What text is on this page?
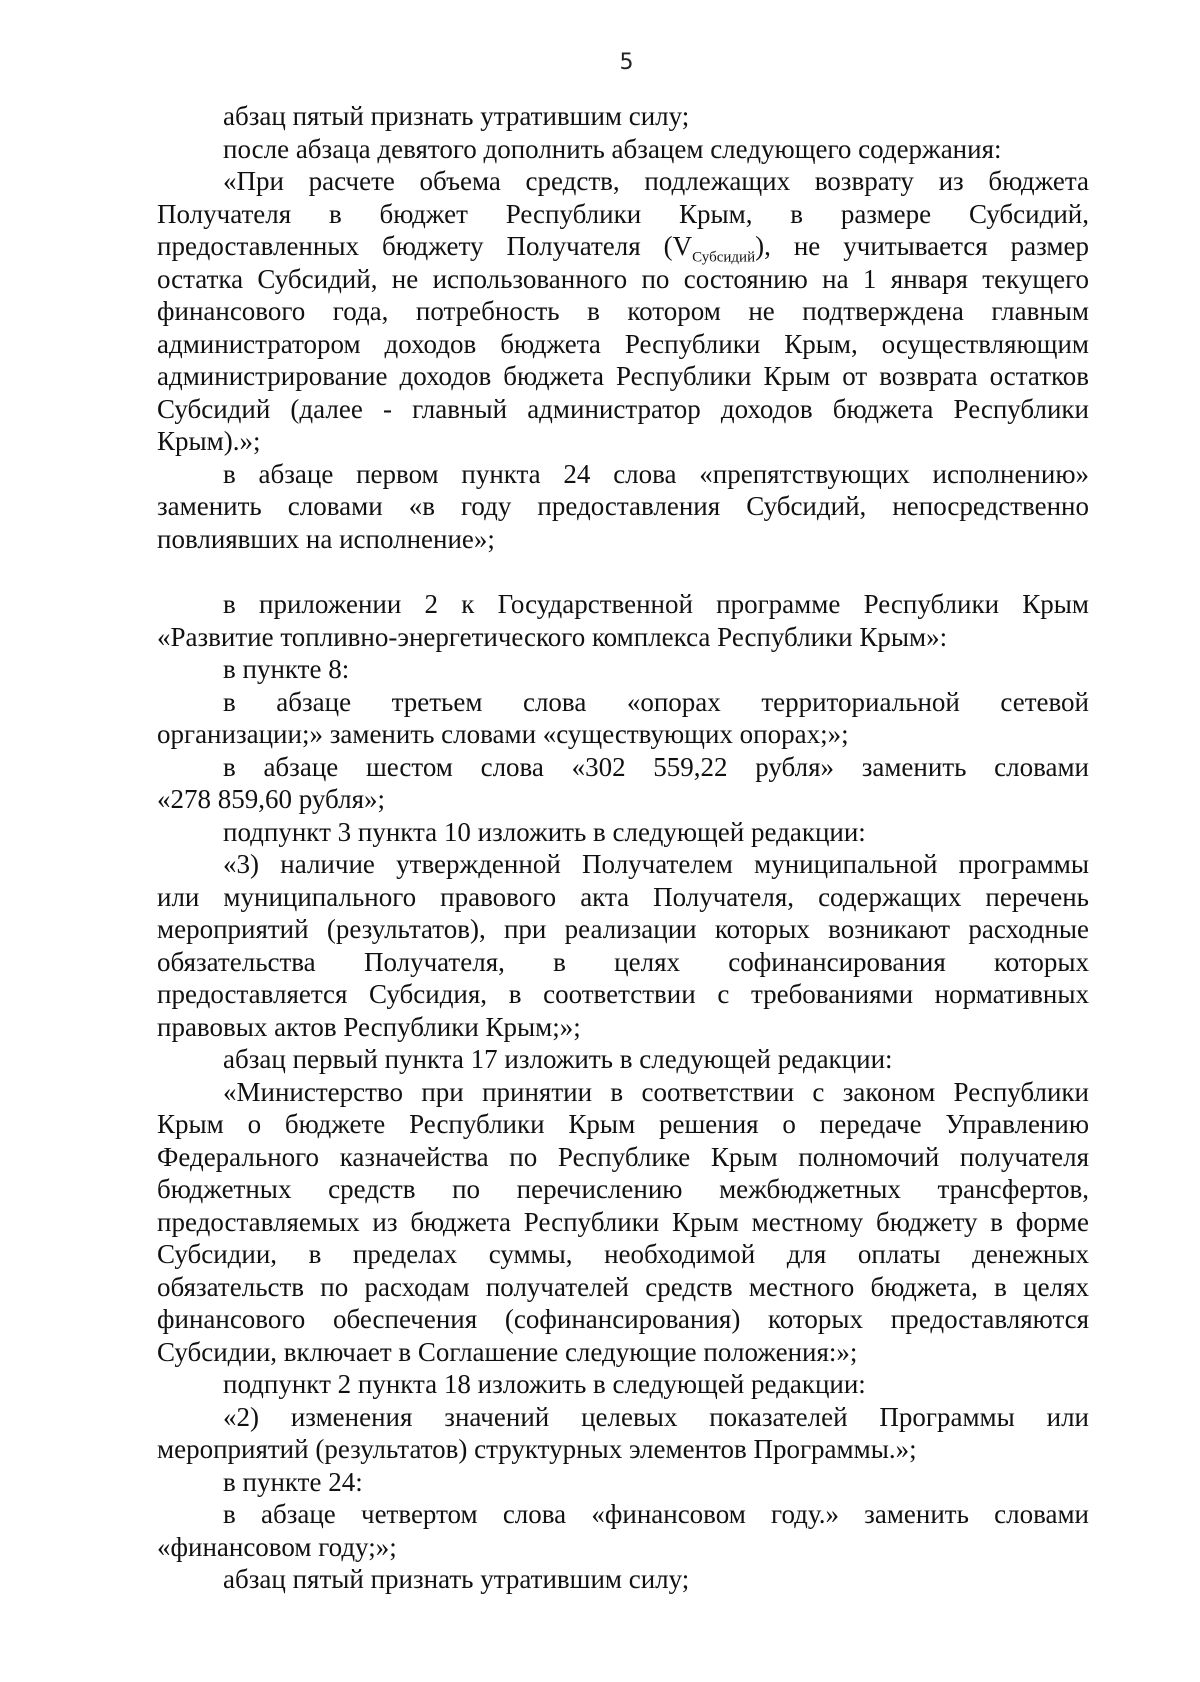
5
абзац пятый признать утратившим силу;
после абзаца девятого дополнить абзацем следующего содержания:
«При расчете объема средств, подлежащих возврату из бюджета
Получателя в бюджет Республики Крым, в размере Субсидий,
предоставленных бюджету Получателя $(V_{Субсидий})$, не учитывается размер
остатка Субсидий, не использованного по состоянию на 1 января текущего
финансового года, потребность в котором не подтверждена главным
администратором доходов бюджета Республики Крым, осуществляющим
администрирование доходов бюджета Республики Крым от возврата остатков
Субсидий (далее - главный администратор доходов бюджета Республики
Крым).»;
в абзаце первом пункта 24 слова «препятствующих исполнению»
заменить словами «в году предоставления Субсидий, непосредственно
повлиявших на исполнение»;
в приложении 2 к Государственной программе Республики Крым
«Развитие топливно-энергетического комплекса Республики Крым»:
в пункте 8:
в абзаце третьем слова «опорах территориальной сетевой
организации;» заменить словами «существующих опорах;»;
в абзаце шестом слова «302 559,22 рубля» заменить словами
«278 859,60 рубля»;
подпункт 3 пункта 10 изложить в следующей редакции:
«3) наличие утвержденной Получателем муниципальной программы
или муниципального правового акта Получателя, содержащих перечень
мероприятий (результатов), при реализации которых возникают расходные
обязательства Получателя, в целях софинансирования которых
предоставляется Субсидия, в соответствии с требованиями нормативных
правовых актов Республики Крым;»;
абзац первый пункта 17 изложить в следующей редакции:
«Министерство при принятии в соответствии с законом Республики
Крым о бюджете Республики Крым решения о передаче Управлению
Федерального казначейства по Республике Крым полномочий получателя
бюджетных средств по перечислению межбюджетных трансфертов,
предоставляемых из бюджета Республики Крым местному бюджету в форме
Субсидии, в пределах суммы, необходимой для оплаты денежных
обязательств по расходам получателей средств местного бюджета, в целях
финансового обеспечения (софинансирования) которых предоставляются
Субсидии, включает в Соглашение следующие положения:»;
подпункт 2 пункта 18 изложить в следующей редакции:
«2) изменения значений целевых показателей Программы или
мероприятий (результатов) структурных элементов Программы.»;
в пункте 24:
в абзаце четвертом слова «финансовом году.» заменить словами
«финансовом году;»;
абзац пятый признать утратившим силу;
